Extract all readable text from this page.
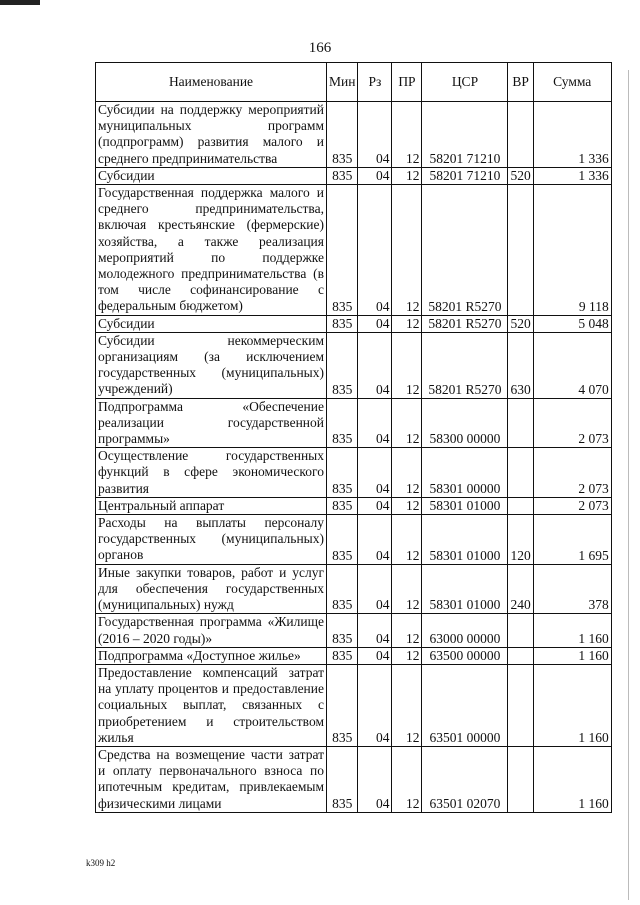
166
Наименование	Мин	Рз	ПР	ЦСР	ВР	Сумма
Субсидии на поддержку мероприятий муниципальных программ (подпрограмм) развития малого и среднего предпринимательства	835	04	12	58201 71210		1 336
Субсидии	835	04	12	58201 71210	520	1 336
Государственная поддержка малого и среднего предпринимательства, включая крестьянские (фермерские) хозяйства, а также реализация мероприятий по поддержке молодежного предпринимательства (в том числе софинансирование с федеральным бюджетом)	835	04	12	58201 R5270		9 118
Субсидии	835	04	12	58201 R5270	520	5 048
Субсидии некоммерческим организациям (за исключением государственных (муниципальных) учреждений)	835	04	12	58201 R5270	630	4 070
Подпрограмма «Обеспечение реализации государственной программы»	835	04	12	58300 00000		2 073
Осуществление государственных функций в сфере экономического развития	835	04	12	58301 00000		2 073
Центральный аппарат	835	04	12	58301 01000		2 073
Расходы на выплаты персоналу государственных (муниципальных) органов	835	04	12	58301 01000	120	1 695
Иные закупки товаров, работ и услуг для обеспечения государственных (муниципальных) нужд	835	04	12	58301 01000	240	378
Государственная программа «Жилище (2016 – 2020 годы)»	835	04	12	63000 00000		1 160
Подпрограмма «Доступное жилье»	835	04	12	63500 00000		1 160
Предоставление компенсаций затрат на уплату процентов и предоставление социальных выплат, связанных с приобретением и строительством жилья	835	04	12	63501 00000		1 160
Средства на возмещение части затрат и оплату первоначального взноса по ипотечным кредитам, привлекаемым физическими лицами	835	04	12	63501 02070		1 160
k309 h2
